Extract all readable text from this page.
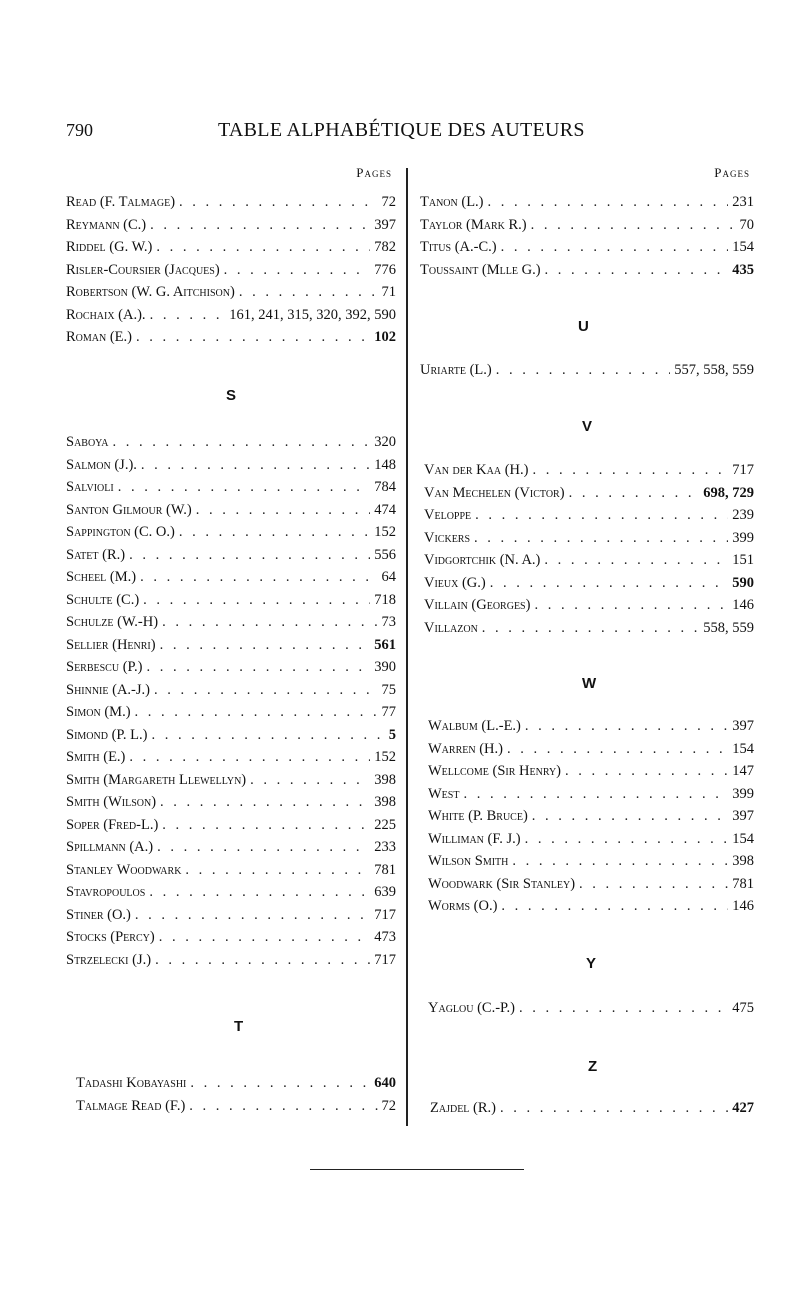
790	TABLE ALPHABÉTIQUE DES AUTEURS
Pages
Read (F. Talmage) . . .	72
Reymann (C.) . . .	397
Riddel (G. W.) . . .	782
Risler-Coursier (Jacques) . . .	776
Robertson (W. G. Aitchison) . . .	71
Rochaix (A.). . . .	161, 241, 315, 320, 392, 590
Roman (E.) . . .	102
S
Saboya . . .	320
Salmon (J.). . . .	148
Salvioli . . .	784
Santon Gilmour (W.) . . .	474
Sappington (C. O.) . . .	152
Satet (R.) . . .	556
Scheel (M.) . . .	64
Schulte (C.) . . .	718
Schulze (W.-H) . . .	73
Sellier (Henri) . . .	561
Serbescu (P.) . . .	390
Shinnie (A.-J.) . . .	75
Simon (M.) . . .	77
Simond (P. L.) . . .	5
Smith (E.) . . .	152
Smith (Margareth Llewellyn) . . .	398
Smith (Wilson) . . .	398
Soper (Fred-L.) . . .	225
Spillmann (A.) . . .	233
Stanley Woodwark . . .	781
Stavropoulos . . .	639
Stiner (O.) . . .	717
Stocks (Percy) . . .	473
Strzelecki (J.) . . .	717
T
Tadashi Kobayashi . . .	640
Talmage Read (F.) . . .	72
Pages
Tanon (L.) . . .	231
Taylor (Mark R.) . . .	70
Titus (A.-C.) . . .	154
Toussaint (Mlle G.) . . .	435
U
Uriarte (L.) . . .	557, 558, 559
V
Van der Kaa (H.) . . .	717
Van Mechelen (Victor) . . .	698, 729
Veloppe . . .	239
Vickers . . .	399
Vidgortchik (N. A.) . . .	151
Vieux (G.) . . .	590
Villain (Georges) . . .	146
Villazon . . .	558, 559
W
Walbum (L.-E.) . . .	397
Warren (H.) . . .	154
Wellcome (Sir Henry) . . .	147
West . . .	399
White (P. Bruce) . . .	397
Williman (F. J.) . . .	154
Wilson Smith . . .	398
Woodwark (Sir Stanley) . . .	781
Worms (O.) . . .	146
Y
Yaglou (C.-P.) . . .	475
Z
Zajdel (R.) . . .	427
